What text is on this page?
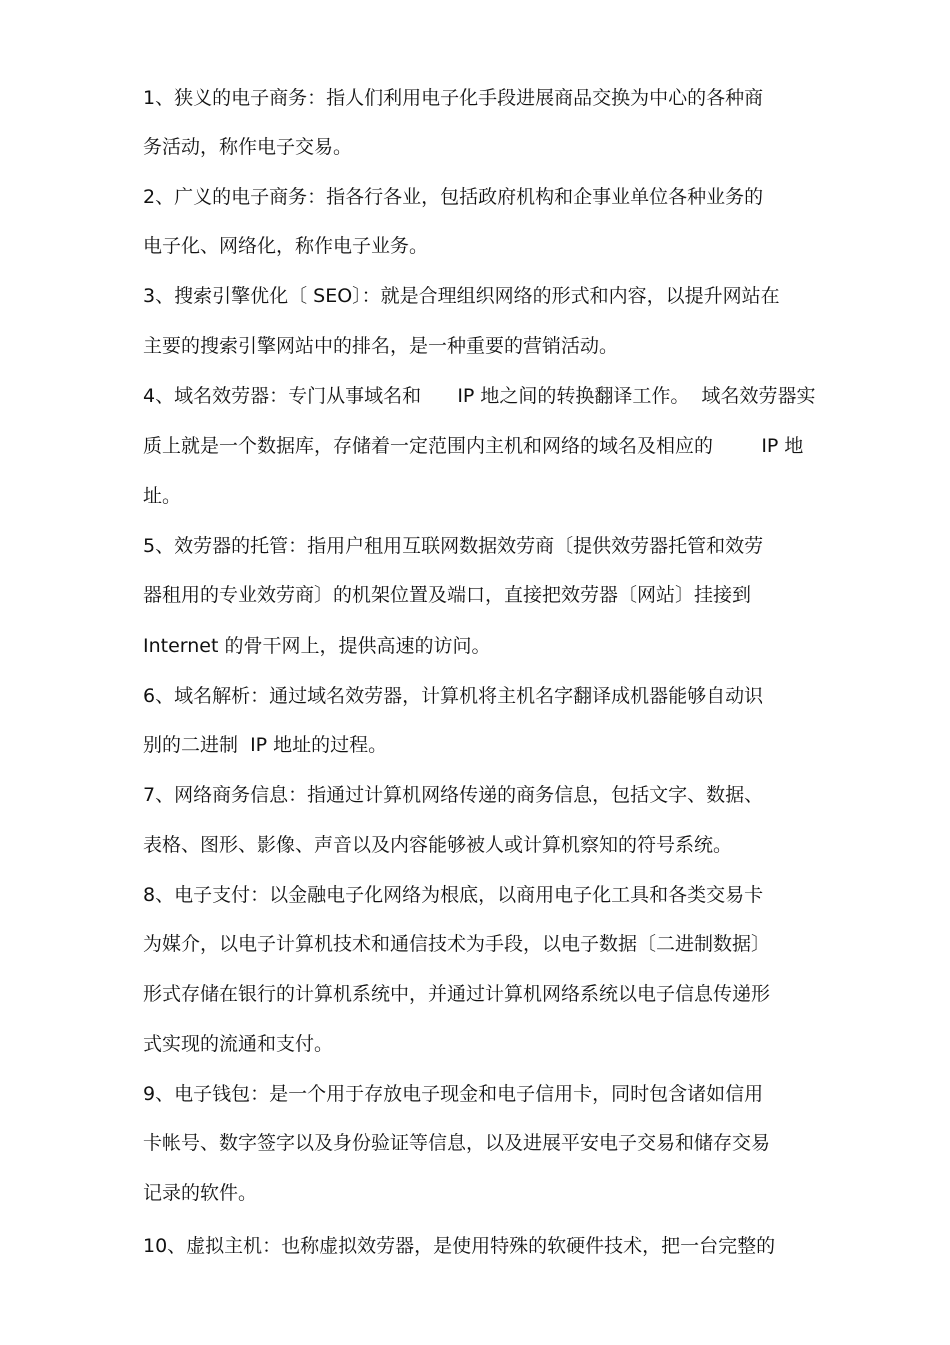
1、狭义的电子商务：指人们利用电子化手段进展商品交换为中心的各种商
务活动，称作电子交易。
2、广义的电子商务：指各行各业，包括政府机构和企事业单位各种业务的
电子化、网络化，称作电子业务。
3、搜索引擎优化〔 SEO〕：就是合理组织网络的形式和内容，以提升网站在
主要的搜索引擎网站中的排名，是一种重要的营销活动。
4、域名效劳器：专门从事域名和      IP 地之间的转换翻译工作。  域名效劳器实
质上就是一个数据库，存储着一定范围内主机和网络的域名及相应的        IP 地
址。
5、效劳器的托管：指用户租用互联网数据效劳商〔提供效劳器托管和效劳
器租用的专业效劳商〕的机架位置及端口，直接把效劳器〔网站〕挂接到
Internet 的骨干网上，提供高速的访问。
6、域名解析：通过域名效劳器，计算机将主机名字翻译成机器能够自动识
别的二进制  IP 地址的过程。
7、网络商务信息：指通过计算机网络传递的商务信息，包括文字、数据、
表格、图形、影像、声音以及内容能够被人或计算机察知的符号系统。
8、电子支付：以金融电子化网络为根底，以商用电子化工具和各类交易卡
为媒介，以电子计算机技术和通信技术为手段，以电子数据〔二进制数据〕
形式存储在银行的计算机系统中，并通过计算机网络系统以电子信息传递形
式实现的流通和支付。
9、电子钱包：是一个用于存放电子现金和电子信用卡，同时包含诸如信用
卡帐号、数字签字以及身份验证等信息，以及进展平安电子交易和储存交易
记录的软件。
10、虚拟主机：也称虚拟效劳器，是使用特殊的软硬件技术，把一台完整的
